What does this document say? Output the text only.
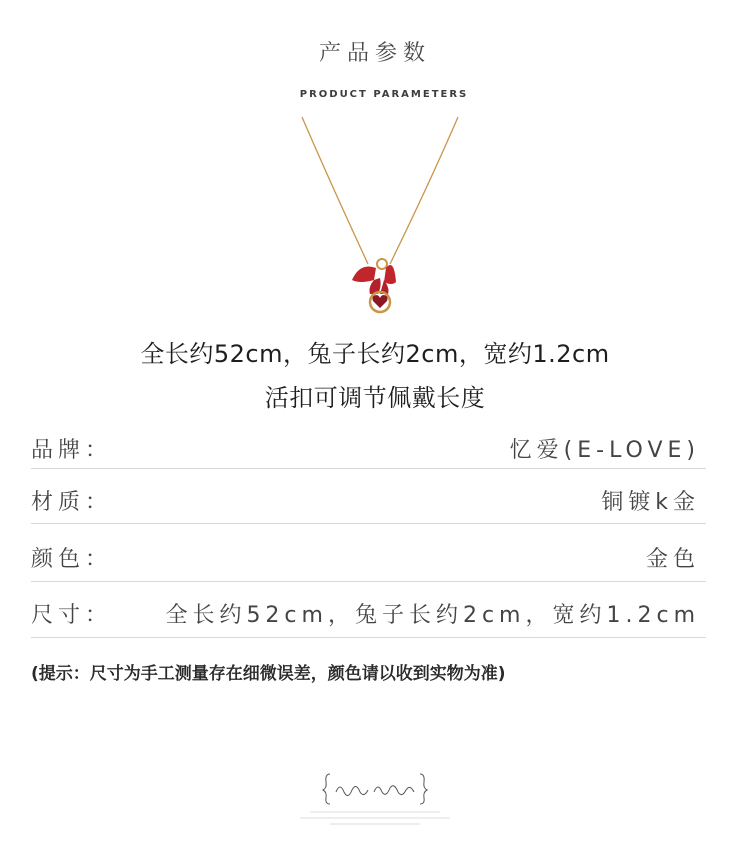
产品参数
PRODUCT PARAMETERS
全长约52cm，兔子长约2cm，宽约1.2cm
活扣可调节佩戴长度
品牌：	忆爱(E-LOVE)
材质：	铜镀k金
颜色：	金色
尺寸： 全长约52cm，兔子长约2cm，宽约1.2cm
(提示：尺寸为手工测量存在细微误差，颜色请以收到实物为准)
